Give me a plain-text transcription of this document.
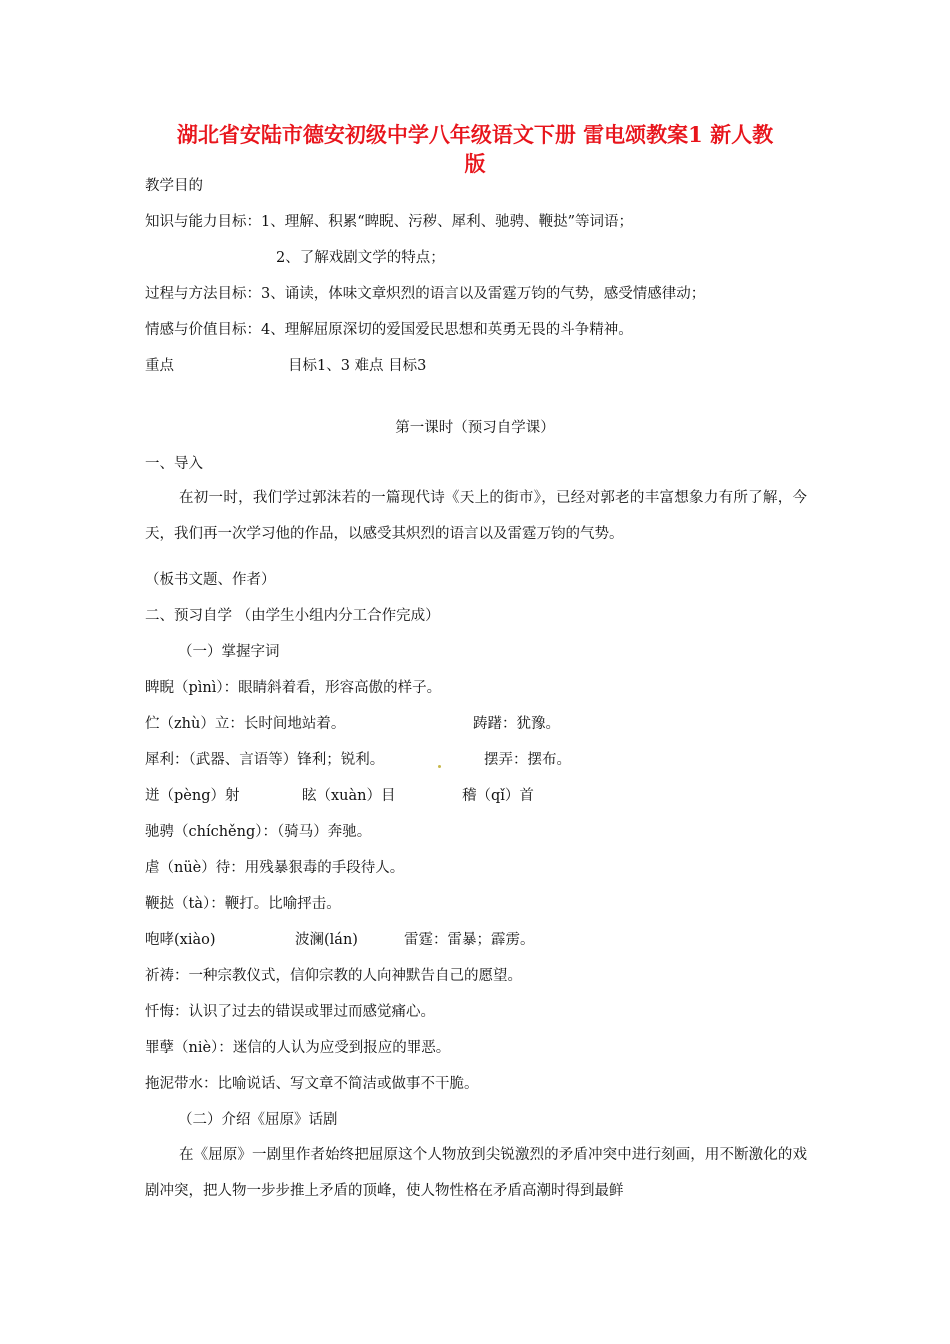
湖北省安陆市德安初级中学八年级语文下册 雷电颂教案1 新人教
版
教学目的
知识与能力目标：1、理解、积累“睥睨、污秽、犀利、驰骋、鞭挞”等词语；
2、了解戏剧文学的特点；
过程与方法目标：3、诵读，体味文章炽烈的语言以及雷霆万钧的气势，感受情感律动；
情感与价值目标：4、理解屈原深切的爱国爱民思想和英勇无畏的斗争精神。
重点	目标1、3 难点 目标3
第一课时（预习自学课）
一、导入

在初一时，我们学过郭沫若的一篇现代诗《天上的街市》，已经对郭老的丰富想象力有所了解，今天，我们再一次学习他的作品，以感受其炽烈的语言以及雷霆万钧的气势。

（板书文题、作者）
二、预习自学 （由学生小组内分工合作完成）
（一）掌握字词
睥睨（pìnì）：眼睛斜着看，形容高傲的样子。
伫（zhù）立：长时间地站着。	踌躇：犹豫。
犀利：（武器、言语等）锋利；锐利。	摆弄：摆布。
迸（pèng）射	眩（xuàn）目	稽（qǐ）首
驰骋（chíchěng）：（骑马）奔驰。
虐（nüè）待：用残暴狠毒的手段待人。
鞭挞（tà）：鞭打。比喻抨击。
咆哮(xiào)	波澜(lán)	雷霆：雷暴；霹雳。
祈祷：一种宗教仪式，信仰宗教的人向神默告自己的愿望。
忏悔：认识了过去的错误或罪过而感觉痛心。
罪孽（niè）：迷信的人认为应受到报应的罪恶。
拖泥带水：比喻说话、写文章不简洁或做事不干脆。
（二）介绍《屈原》话剧

在《屈原》一剧里作者始终把屈原这个人物放到尖锐激烈的矛盾冲突中进行刻画，用不断激化的戏剧冲突，把人物一步步推上矛盾的顶峰，使人物性格在矛盾高潮时得到最鲜
